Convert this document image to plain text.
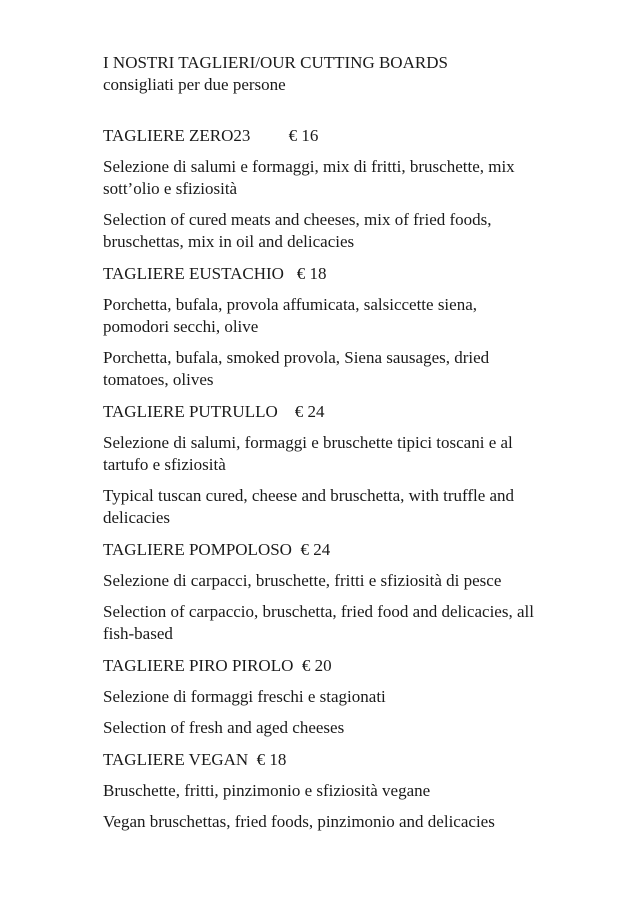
I NOSTRI TAGLIERI/OUR CUTTING BOARDS
consigliati per due persone
TAGLIERE ZERO23 € 16
Selezione di salumi e formaggi, mix di fritti, bruschette, mix sott’olio e sfiziosità
Selection of cured meats and cheeses, mix of fried foods, bruschettas, mix in oil and delicacies
TAGLIERE EUSTACHIO € 18
Porchetta, bufala, provola affumicata, salsiccette siena, pomodori secchi, olive
Porchetta, bufala, smoked provola, Siena sausages, dried tomatoes, olives
TAGLIERE PUTRULLO € 24
Selezione di salumi, formaggi e bruschette tipici toscani e al tartufo e sfiziosità
Typical tuscan cured, cheese and bruschetta, with truffle and delicacies
TAGLIERE POMPOLOSO € 24
Selezione di carpacci, bruschette, fritti e sfiziosità di pesce
Selection of carpaccio, bruschetta, fried food and delicacies, all fish-based
TAGLIERE PIRO PIROLO € 20
Selezione di formaggi freschi e stagionati
Selection of fresh and aged cheeses
TAGLIERE VEGAN € 18
Bruschette, fritti, pinzimonio e sfiziosità vegane
Vegan bruschettas, fried foods, pinzimonio and delicacies
